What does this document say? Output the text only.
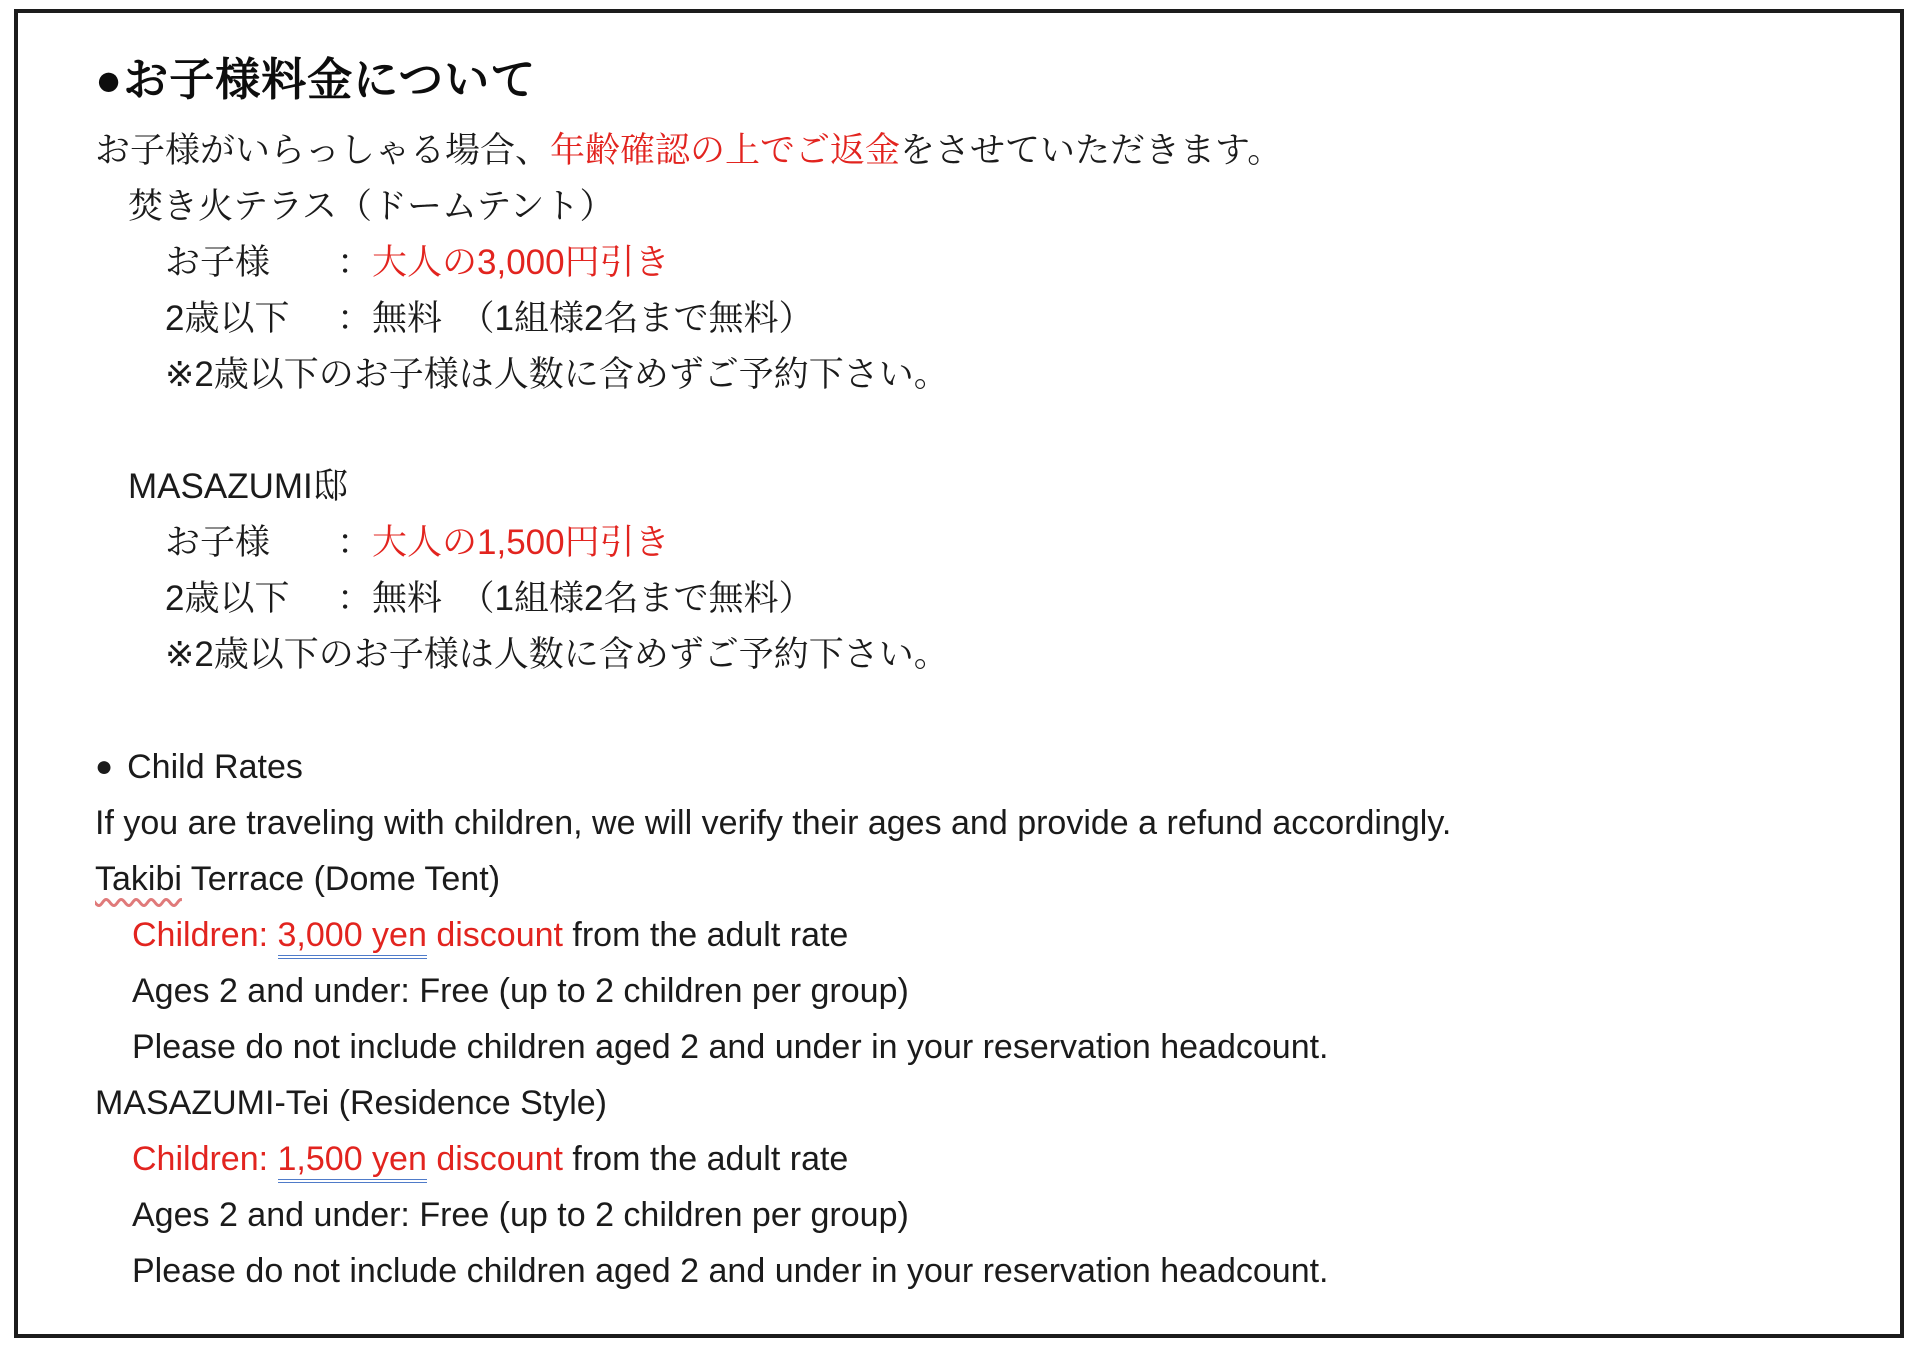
●お子様料金について
お子様がいらっしゃる場合、年齢確認の上でご返金をさせていただきます。
焚き火テラス（ドームテント）
お子様 ：大人の3,000円引き
2歳以下 ：無料　（1組様2名まで無料）
※2歳以下のお子様は人数に含めずご予約下さい。
MASAZUMI邸
お子様 ：大人の1,500円引き
2歳以下 ：無料　（1組様2名まで無料）
※2歳以下のお子様は人数に含めずご予約下さい。
● Child Rates
If you are traveling with children, we will verify their ages and provide a refund accordingly.
Takibi Terrace (Dome Tent)
Children: 3,000 yen discount from the adult rate
Ages 2 and under: Free (up to 2 children per group)
Please do not include children aged 2 and under in your reservation headcount.
MASAZUMI-Tei (Residence Style)
Children: 1,500 yen discount from the adult rate
Ages 2 and under: Free (up to 2 children per group)
Please do not include children aged 2 and under in your reservation headcount.
